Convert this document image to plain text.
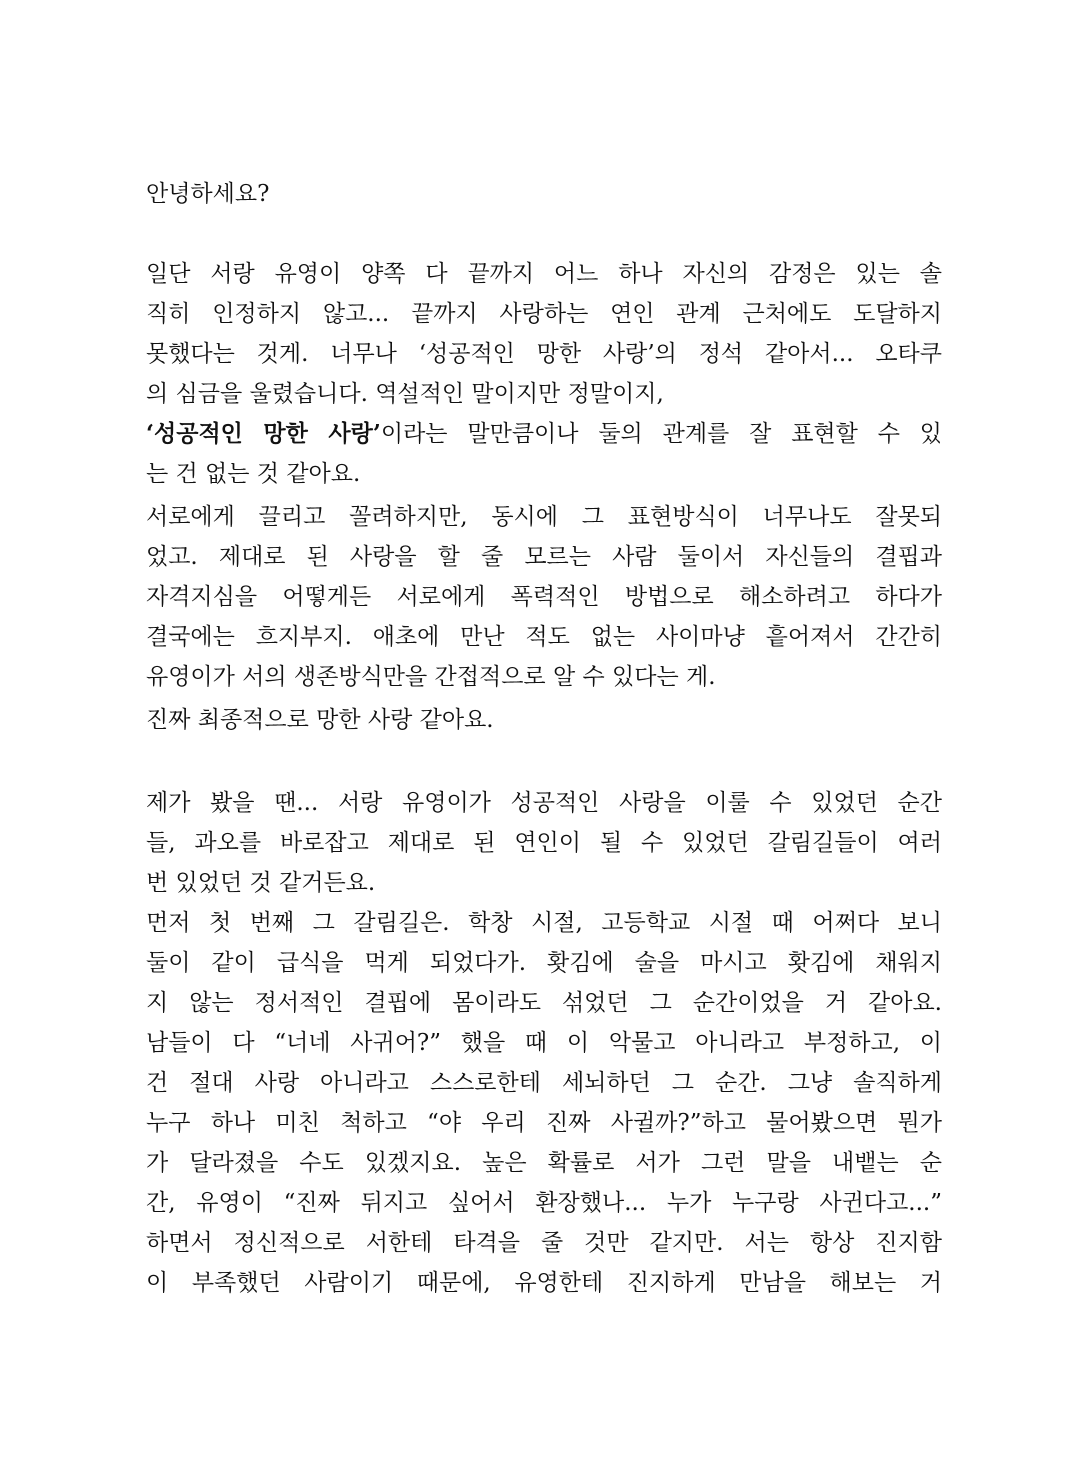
안녕하세요?
일단 서랑 유영이 양쪽 다 끝까지 어느 하나 자신의 감정은 있는 솔
직히 인정하지 않고... 끝까지 사랑하는 연인 관계 근처에도 도달하지
못했다는 것게. 너무나 ‘성공적인 망한 사랑’의 정석 같아서... 오타쿠
의 심금을 울렸습니다. 역설적인 말이지만 정말이지,
‘성공적인 망한 사랑’이라는 말만큼이나 둘의 관계를 잘 표현할 수 있
는 건 없는 것 같아요.
서로에게 끌리고 꼴려하지만, 동시에 그 표현방식이 너무나도 잘못되
었고. 제대로 된 사랑을 할 줄 모르는 사람 둘이서 자신들의 결핍과
자격지심을 어떻게든 서로에게 폭력적인 방법으로 해소하려고 하다가
결국에는 흐지부지. 애초에 만난 적도 없는 사이마냥 흩어져서 간간히
유영이가 서의 생존방식만을 간접적으로 알 수 있다는 게.
진짜 최종적으로 망한 사랑 같아요.
제가 봤을 땐... 서랑 유영이가 성공적인 사랑을 이룰 수 있었던 순간
들, 과오를 바로잡고 제대로 된 연인이 될 수 있었던 갈림길들이 여러
번 있었던 것 같거든요.
먼저 첫 번째 그 갈림길은. 학창 시절, 고등학교 시절 때 어쩌다 보니
둘이 같이 급식을 먹게 되었다가. 홧김에 술을 마시고 홧김에 채워지
지 않는 정서적인 결핍에 몸이라도 섞었던 그 순간이었을 거 같아요.
남들이 다 “너네 사귀어?” 했을 때 이 악물고 아니라고 부정하고, 이
건 절대 사랑 아니라고 스스로한테 세뇌하던 그 순간. 그냥 솔직하게
누구 하나 미친 척하고 “야 우리 진짜 사귈까?”하고 물어봤으면 뭔가
가 달라졌을 수도 있겠지요. 높은 확률로 서가 그런 말을 내뱉는 순
간, 유영이 “진짜 뒤지고 싶어서 환장했나... 누가 누구랑 사귄다고...”
하면서 정신적으로 서한테 타격을 줄 것만 같지만. 서는 항상 진지함
이 부족했던 사람이기 때문에, 유영한테 진지하게 만남을 해보는 거
